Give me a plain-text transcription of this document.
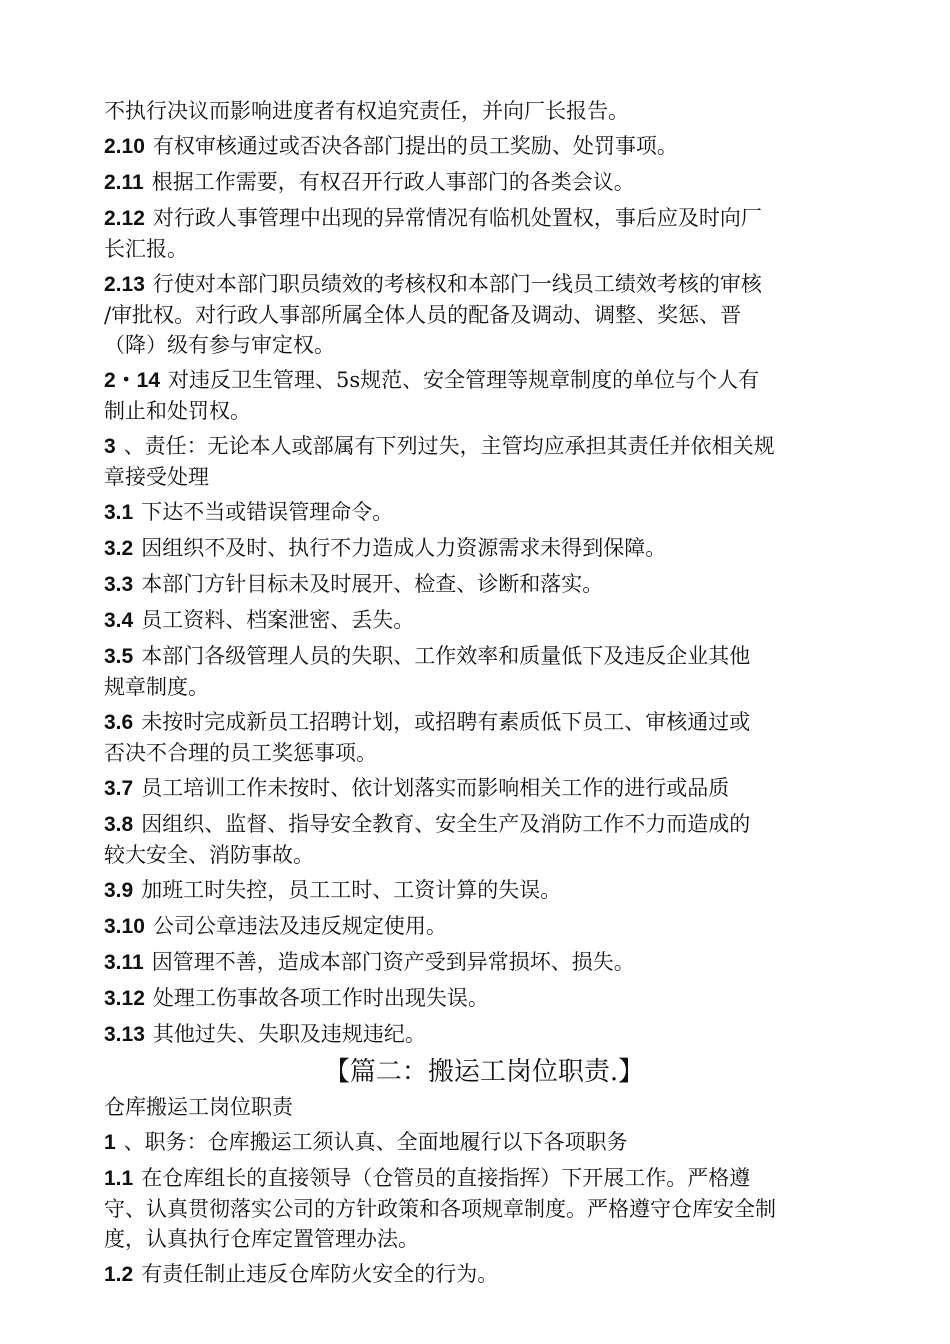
不执行决议而影响进度者有权追究责任，并向厂长报告。
2.10 有权审核通过或否决各部门提出的员工奖励、处罚事项。
2.11 根据工作需要，有权召开行政人事部门的各类会议。
2.12 对行政人事管理中出现的异常情况有临机处置权，事后应及时向厂
长汇报。
2.13 行使对本部门职员绩效的考核权和本部门一线员工绩效考核的审核
/审批权。对行政人事部所属全体人员的配备及调动、调整、奖惩、晋
（降）级有参与审定权。
2・14 对违反卫生管理、5s规范、安全管理等规章制度的单位与个人有
制止和处罚权。
3 、责任：无论本人或部属有下列过失，主管均应承担其责任并依相关规
章接受处理
3.1 下达不当或错误管理命令。
3.2 因组织不及时、执行不力造成人力资源需求未得到保障。
3.3 本部门方针目标未及时展开、检查、诊断和落实。
3.4 员工资料、档案泄密、丢失。
3.5 本部门各级管理人员的失职、工作效率和质量低下及违反企业其他
规章制度。
3.6 未按时完成新员工招聘计划，或招聘有素质低下员工、审核通过或
否决不合理的员工奖惩事项。
3.7 员工培训工作未按时、依计划落实而影响相关工作的进行或品质
3.8 因组织、监督、指导安全教育、安全生产及消防工作不力而造成的
较大安全、消防事故。
3.9 加班工时失控，员工工时、工资计算的失误。
3.10 公司公章违法及违反规定使用。
3.11 因管理不善，造成本部门资产受到异常损坏、损失。
3.12 处理工伤事故各项工作时出现失误。
3.13 其他过失、失职及违规违纪。
【篇二：搬运工岗位职责.】
仓库搬运工岗位职责
1 、职务：仓库搬运工须认真、全面地履行以下各项职务
1.1 在仓库组长的直接领导（仓管员的直接指挥）下开展工作。严格遵
守、认真贯彻落实公司的方针政策和各项规章制度。严格遵守仓库安全制
度，认真执行仓库定置管理办法。
1.2 有责任制止违反仓库防火安全的行为。
